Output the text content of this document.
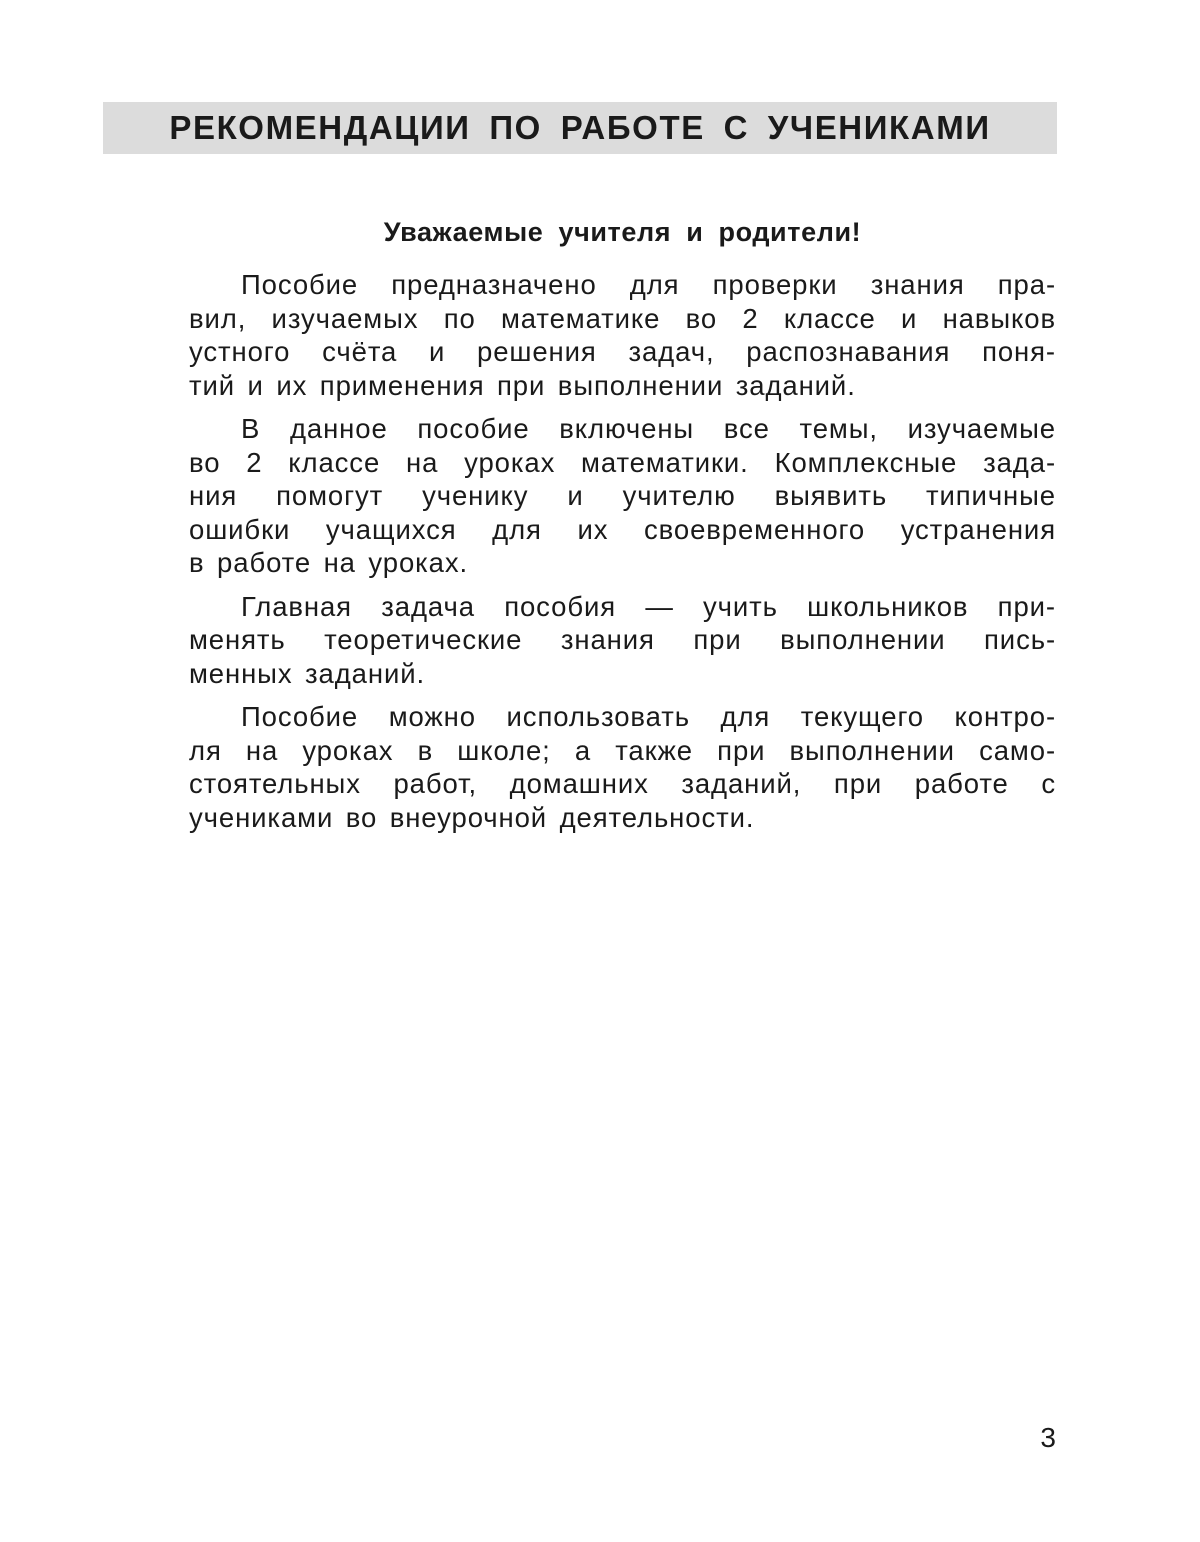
РЕКОМЕНДАЦИИ ПО РАБОТЕ С УЧЕНИКАМИ

Уважаемые учителя и родители!

Пособие предназначено для проверки знания пра-
вил, изучаемых по математике во 2 классе и навыков
устного счёта и решения задач, распознавания поня-
тий и их применения при выполнении заданий.

В данное пособие включены все темы, изучаемые
во 2 классе на уроках математики. Комплексные зада-
ния помогут ученику и учителю выявить типичные
ошибки учащихся для их своевременного устранения
в работе на уроках.

Главная задача пособия — учить школьников при-
менять теоретические знания при выполнении пись-
менных заданий.

Пособие можно использовать для текущего контро-
ля на уроках в школе; а также при выполнении само-
стоятельных работ, домашних заданий, при работе с
учениками во внеурочной деятельности.

3
